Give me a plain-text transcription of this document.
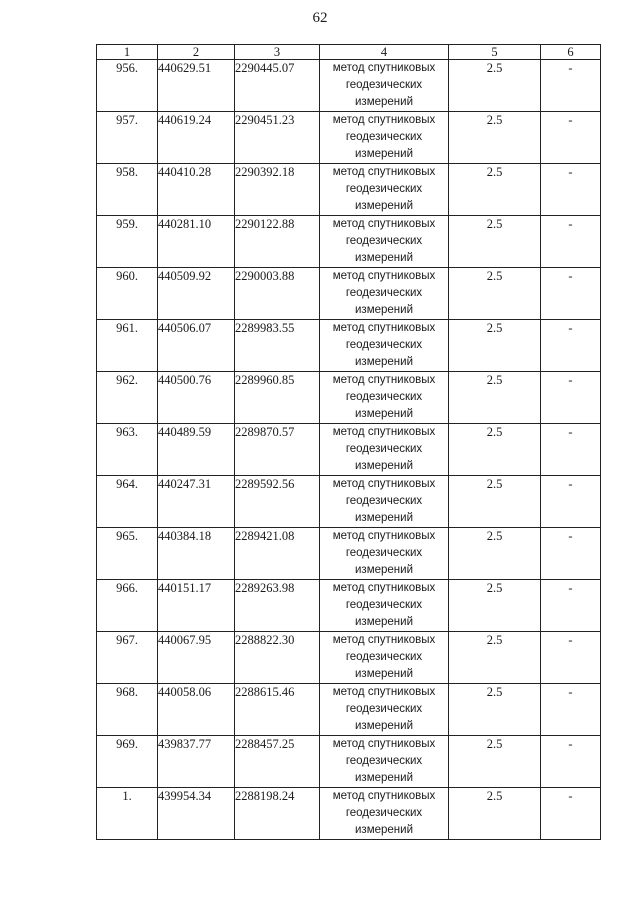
62
1	2	3	4	5	6
956.	440629.51	2290445.07	метод спутниковых
геодезических
измерений	2.5	-
957.	440619.24	2290451.23	метод спутниковых
геодезических
измерений	2.5	-
958.	440410.28	2290392.18	метод спутниковых
геодезических
измерений	2.5	-
959.	440281.10	2290122.88	метод спутниковых
геодезических
измерений	2.5	-
960.	440509.92	2290003.88	метод спутниковых
геодезических
измерений	2.5	-
961.	440506.07	2289983.55	метод спутниковых
геодезических
измерений	2.5	-
962.	440500.76	2289960.85	метод спутниковых
геодезических
измерений	2.5	-
963.	440489.59	2289870.57	метод спутниковых
геодезических
измерений	2.5	-
964.	440247.31	2289592.56	метод спутниковых
геодезических
измерений	2.5	-
965.	440384.18	2289421.08	метод спутниковых
геодезических
измерений	2.5	-
966.	440151.17	2289263.98	метод спутниковых
геодезических
измерений	2.5	-
967.	440067.95	2288822.30	метод спутниковых
геодезических
измерений	2.5	-
968.	440058.06	2288615.46	метод спутниковых
геодезических
измерений	2.5	-
969.	439837.77	2288457.25	метод спутниковых
геодезических
измерений	2.5	-
1.	439954.34	2288198.24	метод спутниковых
геодезических
измерений	2.5	-
